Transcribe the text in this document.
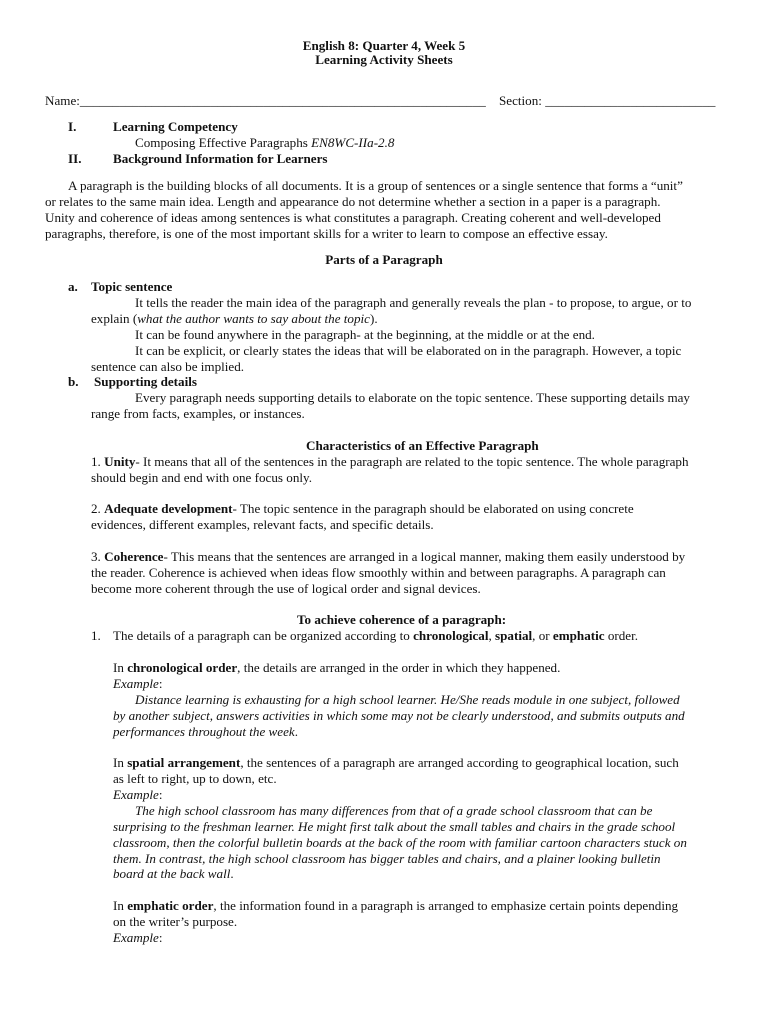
English 8: Quarter 4, Week 5
Learning Activity Sheets
Name:______________________________________________________________ Section: __________________________
I.	Learning Competency
Composing Effective Paragraphs EN8WC-IIa-2.8
II. Background Information for Learners
A paragraph is the building blocks of all documents. It is a group of sentences or a single sentence that forms a “unit”
or relates to the same main idea. Length and appearance do not determine whether a section in a paper is a paragraph.
Unity and coherence of ideas among sentences is what constitutes a paragraph. Creating coherent and well-developed
paragraphs, therefore, is one of the most important skills for a writer to learn to compose an effective essay.
Parts of a Paragraph
a. Topic sentence
It tells the reader the main idea of the paragraph and generally reveals the plan - to propose, to argue, or to
explain (what the author wants to say about the topic).
It can be found anywhere in the paragraph- at the beginning, at the middle or at the end.
It can be explicit, or clearly states the ideas that will be elaborated on in the paragraph. However, a topic
sentence can also be implied.
b. Supporting details
Every paragraph needs supporting details to elaborate on the topic sentence. These supporting details may
range from facts, examples, or instances.
Characteristics of an Effective Paragraph
1. Unity- It means that all of the sentences in the paragraph are related to the topic sentence. The whole paragraph
should begin and end with one focus only.
2. Adequate development- The topic sentence in the paragraph should be elaborated on using concrete
evidences, different examples, relevant facts, and specific details.
3. Coherence- This means that the sentences are arranged in a logical manner, making them easily understood by
the reader. Coherence is achieved when ideas flow smoothly within and between paragraphs. A paragraph can
become more coherent through the use of logical order and signal devices.
To achieve coherence of a paragraph:
1. The details of a paragraph can be organized according to chronological, spatial, or emphatic order.
In chronological order, the details are arranged in the order in which they happened.
Example:
Distance learning is exhausting for a high school learner. He/She reads module in one subject, followed
by another subject, answers activities in which some may not be clearly understood, and submits outputs and
performances throughout the week.
In spatial arrangement, the sentences of a paragraph are arranged according to geographical location, such
as left to right, up to down, etc.
Example:
The high school classroom has many differences from that of a grade school classroom that can be
surprising to the freshman learner. He might first talk about the small tables and chairs in the grade school
classroom, then the colorful bulletin boards at the back of the room with familiar cartoon characters stuck on
them. In contrast, the high school classroom has bigger tables and chairs, and a plainer looking bulletin
board at the back wall.
In emphatic order, the information found in a paragraph is arranged to emphasize certain points depending
on the writer’s purpose.
Example:
